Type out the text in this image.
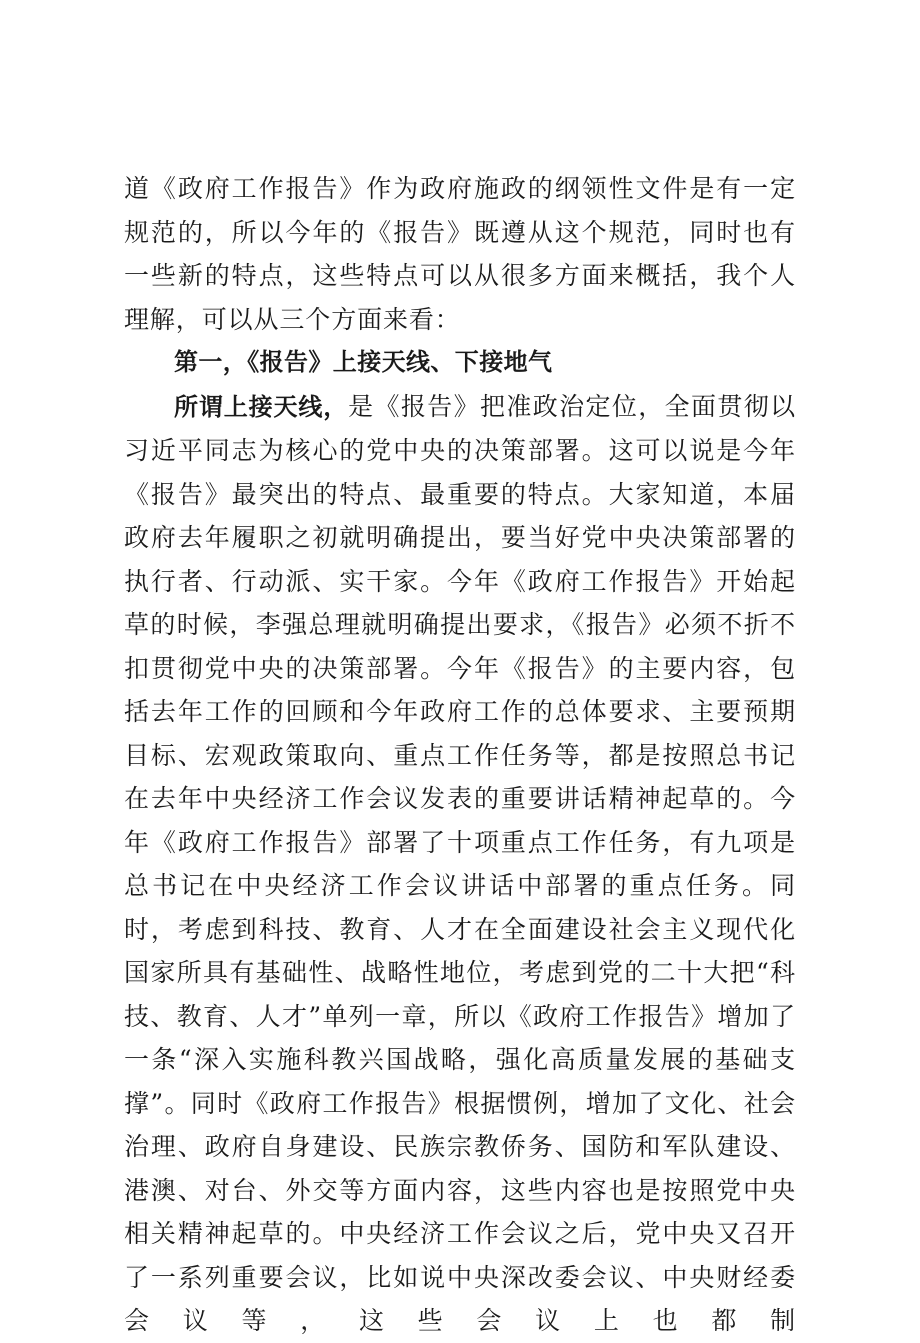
道《政府工作报告》作为政府施政的纲领性文件是有一定规范的，所以今年的《报告》既遵从这个规范，同时也有一些新的特点，这些特点可以从很多方面来概括，我个人理解，可以从三个方面来看：

第一，《报告》上接天线、下接地气

所谓上接天线，是《报告》把准政治定位，全面贯彻以习近平同志为核心的党中央的决策部署。这可以说是今年《报告》最突出的特点、最重要的特点。大家知道，本届政府去年履职之初就明确提出，要当好党中央决策部署的执行者、行动派、实干家。今年《政府工作报告》开始起草的时候，李强总理就明确提出要求，《报告》必须不折不扣贯彻党中央的决策部署。今年《报告》的主要内容，包括去年工作的回顾和今年政府工作的总体要求、主要预期目标、宏观政策取向、重点工作任务等，都是按照总书记在去年中央经济工作会议发表的重要讲话精神起草的。今年《政府工作报告》部署了十项重点工作任务，有九项是总书记在中央经济工作会议讲话中部署的重点任务。同时，考虑到科技、教育、人才在全面建设社会主义现代化国家所具有基础性、战略性地位，考虑到党的二十大把“科技、教育、人才”单列一章，所以《政府工作报告》增加了一条“深入实施科教兴国战略，强化高质量发展的基础支撑”。同时《政府工作报告》根据惯例，增加了文化、社会治理、政府自身建设、民族宗教侨务、国防和军队建设、港澳、对台、外交等方面内容，这些内容也是按照党中央相关精神起草的。中央经济工作会议之后，党中央又召开了一系列重要会议，比如说中央深改委会议、中央财经委会议等，这些会议上也都制
